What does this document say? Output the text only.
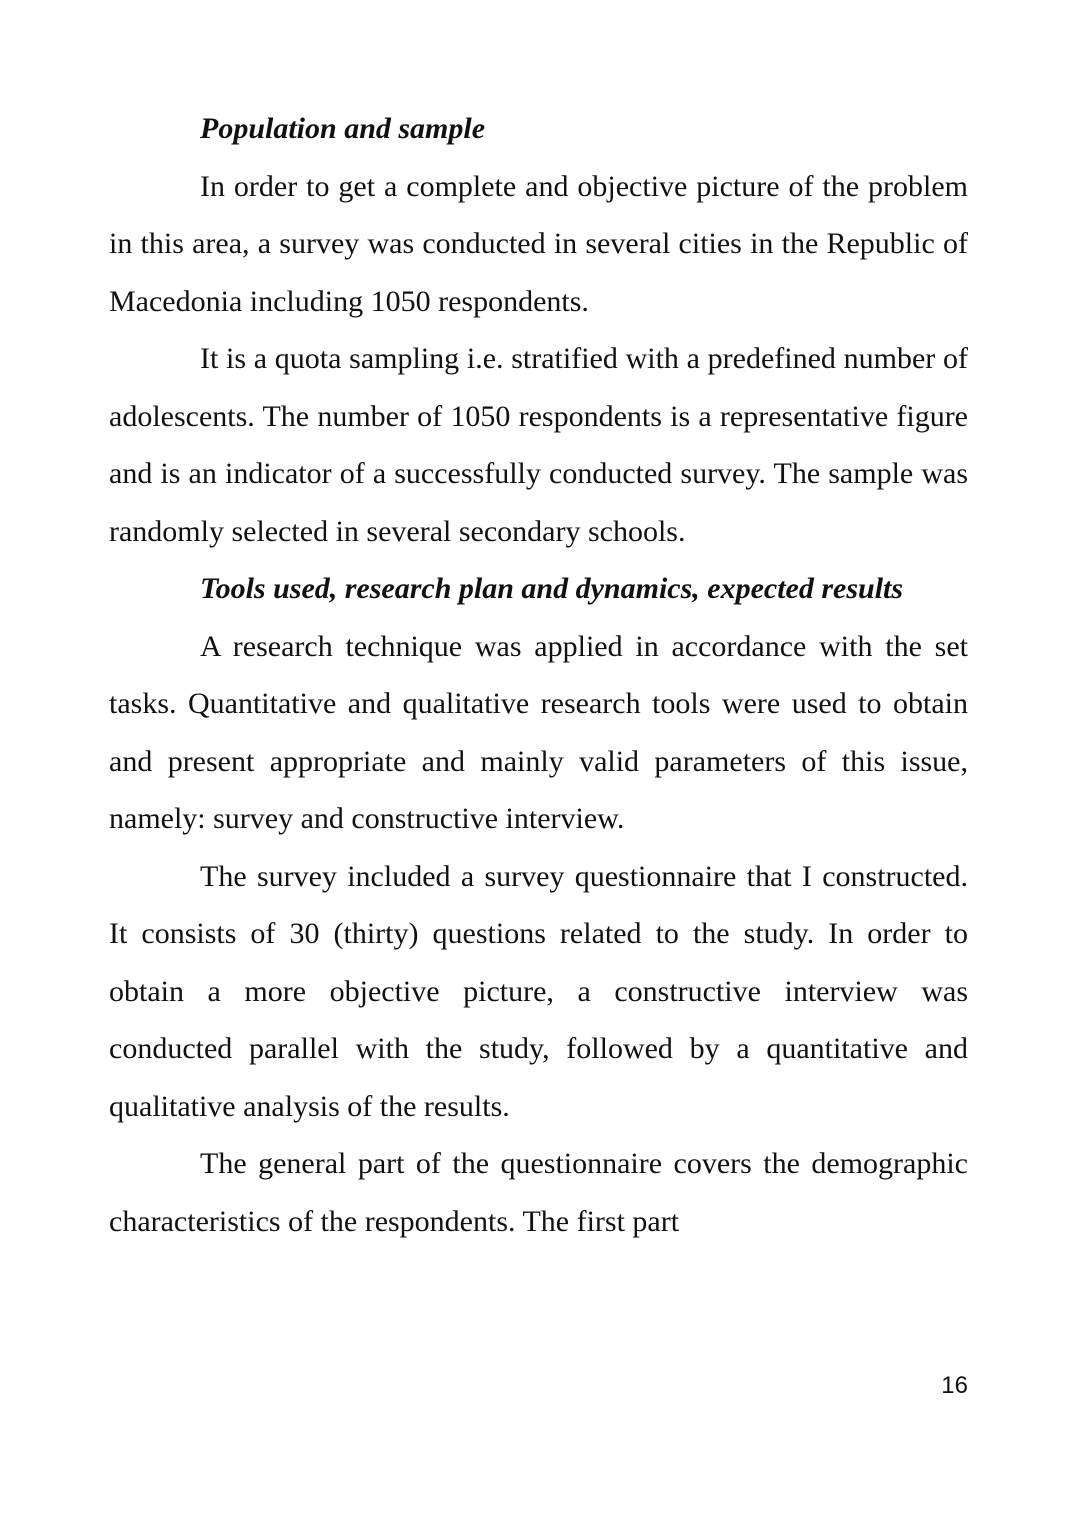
Population and sample

In order to get a complete and objective picture of the problem in this area, a survey was conducted in several cities in the Republic of Macedonia including 1050 respondents.

It is a quota sampling i.e. stratified with a predefined number of adolescents. The number of 1050 respondents is a representative figure and is an indicator of a successfully conducted survey. The sample was randomly selected in several secondary schools.

Tools used, research plan and dynamics, expected results

A research technique was applied in accordance with the set tasks. Quantitative and qualitative research tools were used to obtain and present appropriate and mainly valid parameters of this issue, namely: survey and constructive interview.

The survey included a survey questionnaire that I constructed. It consists of 30 (thirty) questions related to the study. In order to obtain a more objective picture, a constructive interview was conducted parallel with the study, followed by a quantitative and qualitative analysis of the results.

The general part of the questionnaire covers the demographic characteristics of the respondents. The first part

16
